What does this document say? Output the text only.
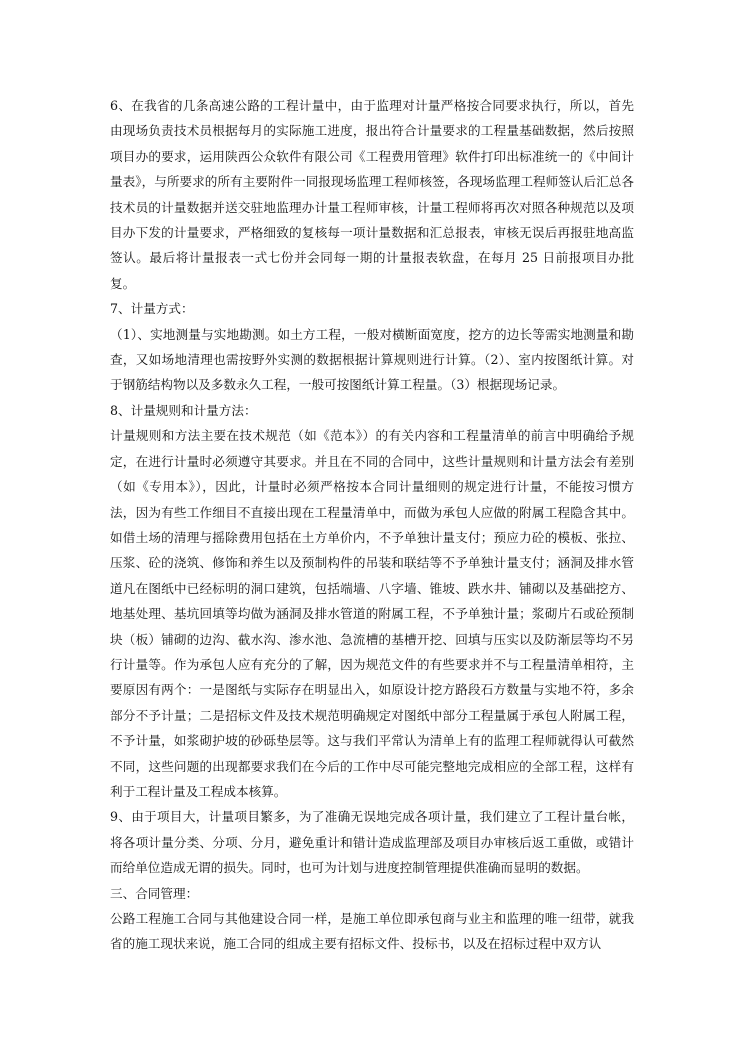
6、在我省的几条高速公路的工程计量中，由于监理对计量严格按合同要求执行，所以，首先由现场负责技术员根据每月的实际施工进度，报出符合计量要求的工程量基础数据，然后按照项目办的要求，运用陕西公众软件有限公司《工程费用管理》软件打印出标准统一的《中间计量表》，与所要求的所有主要附件一同报现场监理工程师核签，各现场监理工程师签认后汇总各技术员的计量数据并送交驻地监理办计量工程师审核，计量工程师将再次对照各种规范以及项目办下发的计量要求，严格细致的复核每一项计量数据和汇总报表，审核无误后再报驻地高监签认。最后将计量报表一式七份并会同每一期的计量报表软盘，在每月 25 日前报项目办批复。

7、计量方式：

（1）、实地测量与实地勘测。如土方工程，一般对横断面宽度，挖方的边长等需实地测量和勘查，又如场地清理也需按野外实测的数据根据计算规则进行计算。（2）、室内按图纸计算。对于钢筋结构物以及多数永久工程，一般可按图纸计算工程量。（3）根据现场记录。

8、计量规则和计量方法：

计量规则和方法主要在技术规范（如《范本》）的有关内容和工程量清单的前言中明确给予规定，在进行计量时必须遵守其要求。并且在不同的合同中，这些计量规则和计量方法会有差别（如《专用本》），因此，计量时必须严格按本合同计量细则的规定进行计量，不能按习惯方法，因为有些工作细目不直接出现在工程量清单中，而做为承包人应做的附属工程隐含其中。如借土场的清理与摇除费用包括在土方单价内，不予单独计量支付；预应力砼的模板、张拉、压浆、砼的浇筑、修饰和养生以及预制构件的吊装和联结等不予单独计量支付；涵洞及排水管道凡在图纸中已经标明的洞口建筑，包括端墙、八字墙、锥坡、跌水井、铺砌以及基础挖方、地基处理、基坑回填等均做为涵洞及排水管道的附属工程，不予单独计量；浆砌片石或砼预制块（板）铺砌的边沟、截水沟、渗水池、急流槽的基槽开挖、回填与压实以及防渐层等均不另行计量等。作为承包人应有充分的了解，因为规范文件的有些要求并不与工程量清单相符，主要原因有两个：一是图纸与实际存在明显出入，如原设计挖方路段石方数量与实地不符，多余部分不予计量；二是招标文件及技术规范明确规定对图纸中部分工程量属于承包人附属工程，不予计量，如浆砌护坡的砂砾垫层等。这与我们平常认为清单上有的监理工程师就得认可截然不同，这些问题的出现都要求我们在今后的工作中尽可能完整地完成相应的全部工程，这样有利于工程计量及工程成本核算。

9、由于项目大，计量项目繁多，为了准确无误地完成各项计量，我们建立了工程计量台帐，将各项计量分类、分项、分月，避免重计和错计造成监理部及项目办审核后返工重做，或错计而给单位造成无谓的损失。同时，也可为计划与进度控制管理提供准确而显明的数据。

三、合同管理：

公路工程施工合同与其他建设合同一样，是施工单位即承包商与业主和监理的唯一纽带，就我省的施工现状来说，施工合同的组成主要有招标文件、投标书，以及在招标过程中双方认
